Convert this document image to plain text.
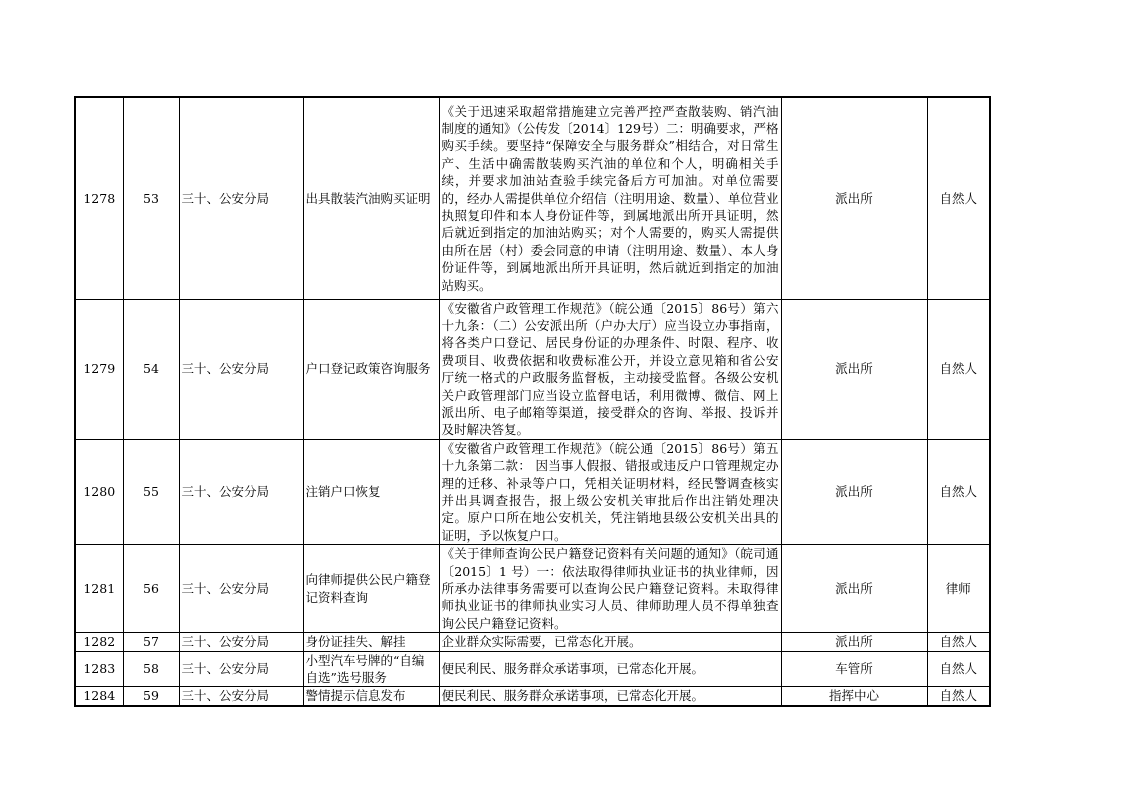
1278	53	三十、公安分局	出具散装汽油购买证明	《关于迅速采取超常措施建立完善严控严查散装购、销汽油制度的通知》（公传发〔2014〕129号）二：明确要求，严格购买手续。要坚持“保障安全与服务群众”相结合，对日常生产、生活中确需散装购买汽油的单位和个人，明确相关手续，并要求加油站查验手续完备后方可加油。对单位需要的，经办人需提供单位介绍信（注明用途、数量）、单位营业执照复印件和本人身份证件等，到属地派出所开具证明，然后就近到指定的加油站购买；对个人需要的，购买人需提供由所在居（村）委会同意的申请（注明用途、数量）、本人身份证件等，到属地派出所开具证明，然后就近到指定的加油站购买。	派出所	自然人
1279	54	三十、公安分局	户口登记政策咨询服务	《安徽省户政管理工作规范》（皖公通〔2015〕86号）第六十九条：（二）公安派出所（户办大厅）应当设立办事指南，将各类户口登记、居民身份证的办理条件、时限、程序、收费项目、收费依据和收费标准公开，并设立意见箱和省公安厅统一格式的户政服务监督板，主动接受监督。各级公安机关户政管理部门应当设立监督电话，利用微博、微信、网上派出所、电子邮箱等渠道，接受群众的咨询、举报、投诉并及时解决答复。	派出所	自然人
1280	55	三十、公安分局	注销户口恢复	《安徽省户政管理工作规范》（皖公通〔2015〕86号）第五十九条第二款： 因当事人假报、错报或违反户口管理规定办理的迁移、补录等户口，凭相关证明材料，经民警调查核实并出具调查报告，报上级公安机关审批后作出注销处理决定。原户口所在地公安机关，凭注销地县级公安机关出具的证明，予以恢复户口。	派出所	自然人
1281	56	三十、公安分局	向律师提供公民户籍登记资料查询	《关于律师查询公民户籍登记资料有关问题的通知》（皖司通〔2015〕1 号）一：依法取得律师执业证书的执业律师，因所承办法律事务需要可以查询公民户籍登记资料。未取得律师执业证书的律师执业实习人员、律师助理人员不得单独查询公民户籍登记资料。	派出所	律师
1282	57	三十、公安分局	身份证挂失、解挂	企业群众实际需要，已常态化开展。	派出所	自然人
1283	58	三十、公安分局	小型汽车号牌的“自编自选”选号服务	便民利民、服务群众承诺事项，已常态化开展。	车管所	自然人
1284	59	三十、公安分局	警情提示信息发布	便民利民、服务群众承诺事项，已常态化开展。	指挥中心	自然人
